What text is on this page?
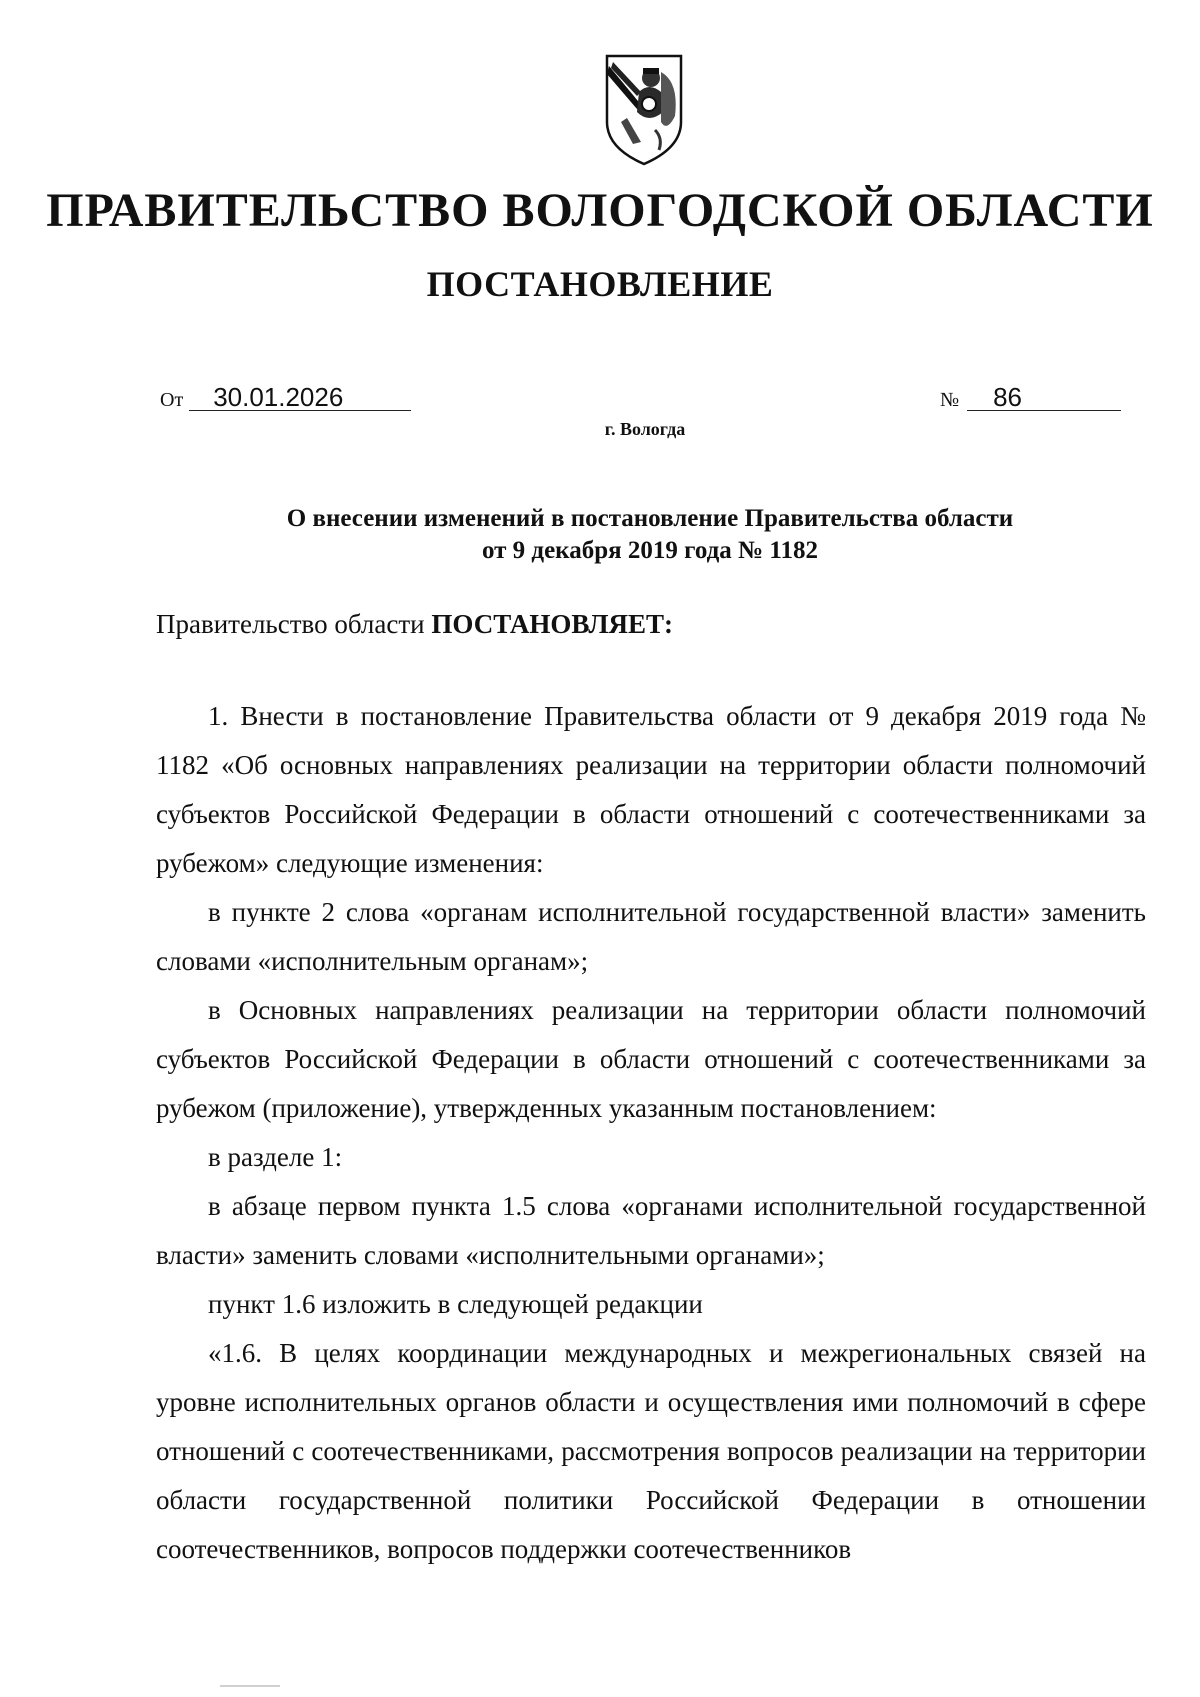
ПРАВИТЕЛЬСТВО ВОЛОГОДСКОЙ ОБЛАСТИ
ПОСТАНОВЛЕНИЕ
От 30.01.2026	№ 86
г. Вологда
О внесении изменений в постановление Правительства области
от 9 декабря 2019 года № 1182
Правительство области ПОСТАНОВЛЯЕТ:

1. Внести в постановление Правительства области от 9 декабря 2019 года № 1182 «Об основных направлениях реализации на территории области полномочий субъектов Российской Федерации в области отношений с соотечественниками за рубежом» следующие изменения:

в пункте 2 слова «органам исполнительной государственной власти» заменить словами «исполнительным органам»;

в Основных направлениях реализации на территории области полномочий субъектов Российской Федерации в области отношений с соотечественниками за рубежом (приложение), утвержденных указанным постановлением:

в разделе 1:

в абзаце первом пункта 1.5 слова «органами исполнительной государственной власти» заменить словами «исполнительными органами»;

пункт 1.6 изложить в следующей редакции

«1.6. В целях координации международных и межрегиональных связей на уровне исполнительных органов области и осуществления ими полномочий в сфере отношений с соотечественниками, рассмотрения вопросов реализации на территории области государственной политики Российской Федерации в отношении соотечественников, вопросов поддержки соотечественников
